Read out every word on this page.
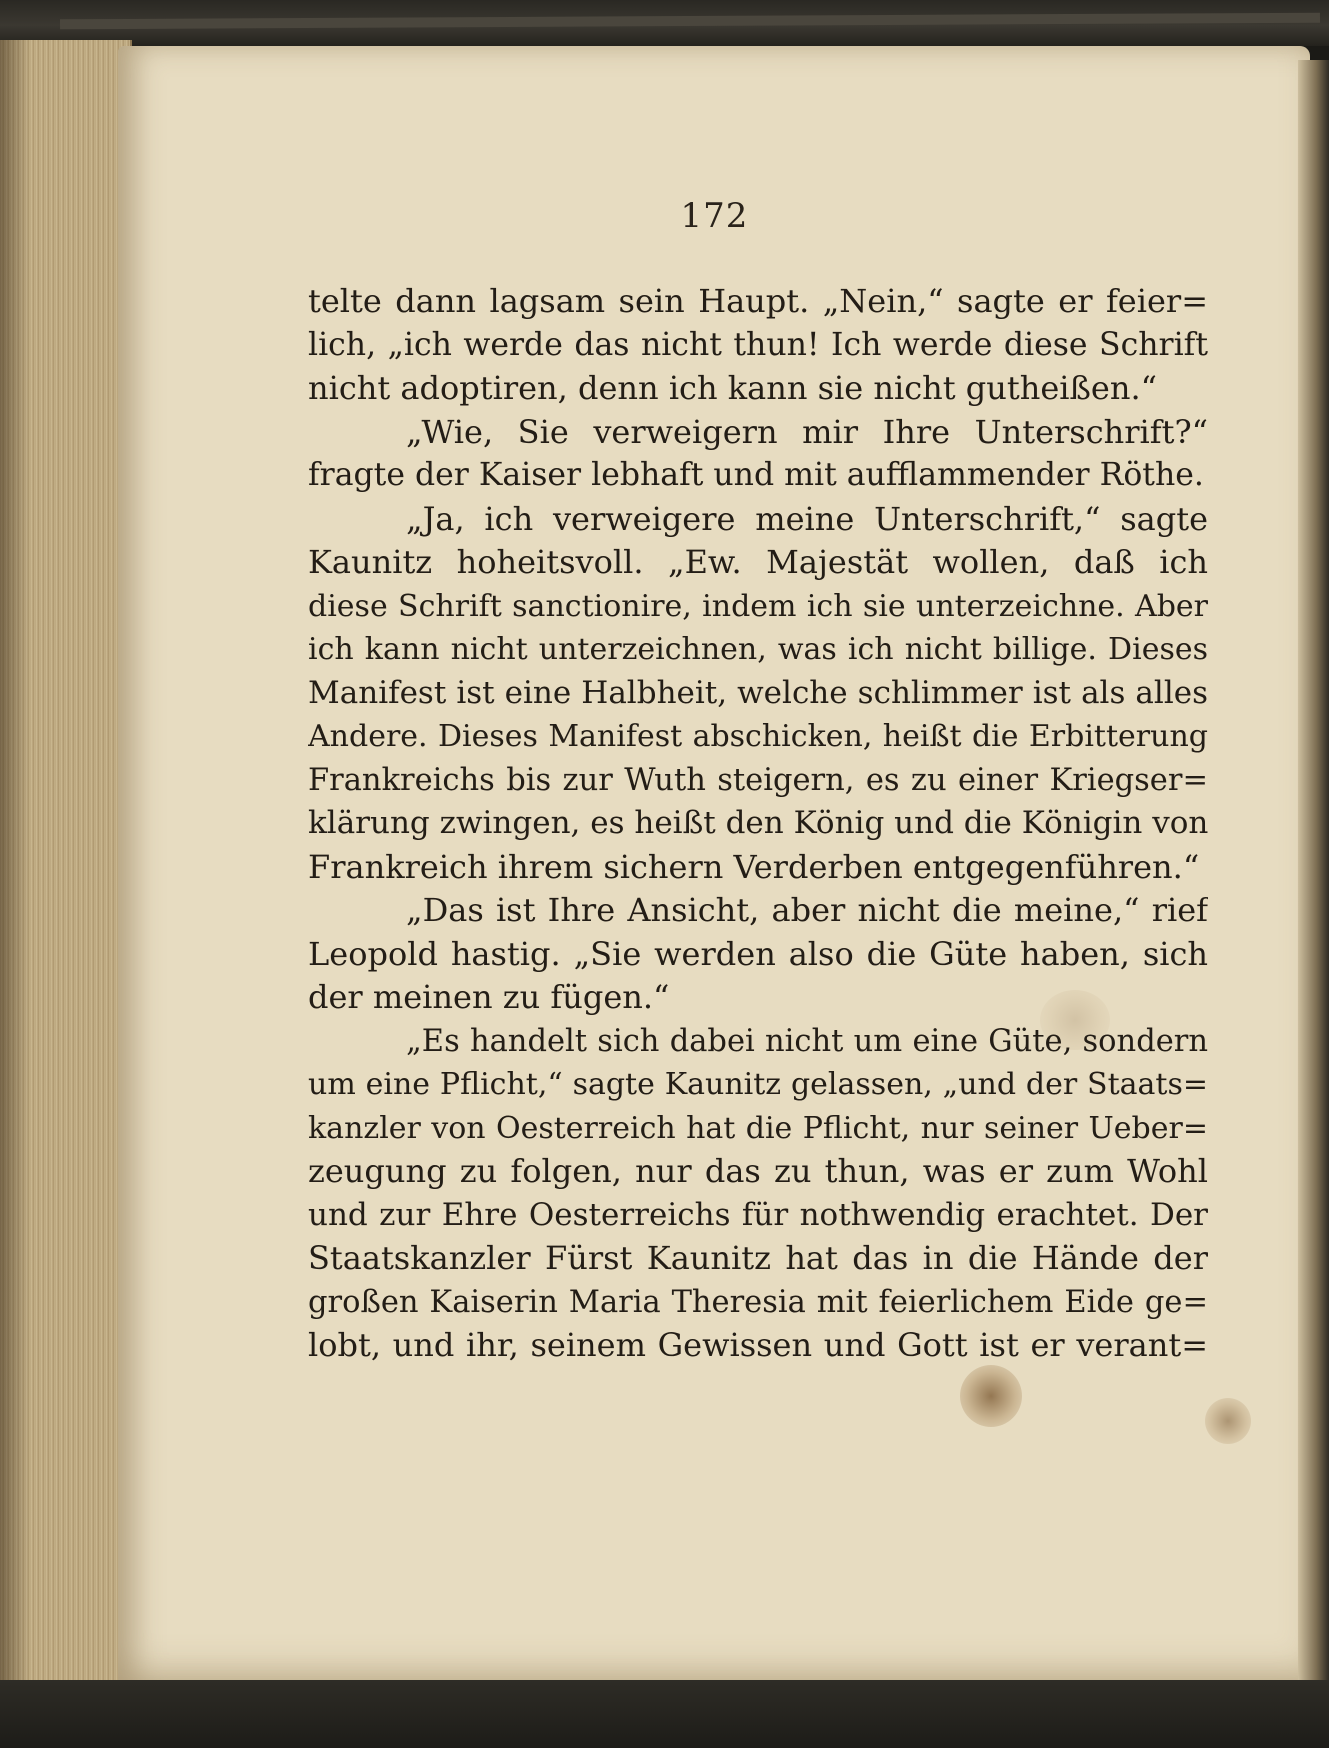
172
telte dann lagsam sein Haupt. „Nein,“ sagte er feier=
lich, „ich werde das nicht thun! Ich werde diese Schrift
nicht adoptiren, denn ich kann sie nicht gutheißen.“
„Wie, Sie verweigern mir Ihre Unterschrift?“
fragte der Kaiser lebhaft und mit aufflammender Röthe.
„Ja, ich verweigere meine Unterschrift,“ sagte
Kaunitz hoheitsvoll. „Ew. Majestät wollen, daß ich
diese Schrift sanctionire, indem ich sie unterzeichne. Aber
ich kann nicht unterzeichnen, was ich nicht billige. Dieses
Manifest ist eine Halbheit, welche schlimmer ist als alles
Andere. Dieses Manifest abschicken, heißt die Erbitterung
Frankreichs bis zur Wuth steigern, es zu einer Kriegser=
klärung zwingen, es heißt den König und die Königin von
Frankreich ihrem sichern Verderben entgegenführen.“
„Das ist Ihre Ansicht, aber nicht die meine,“ rief
Leopold hastig. „Sie werden also die Güte haben, sich
der meinen zu fügen.“
„Es handelt sich dabei nicht um eine Güte, sondern
um eine Pflicht,“ sagte Kaunitz gelassen, „und der Staats=
kanzler von Oesterreich hat die Pflicht, nur seiner Ueber=
zeugung zu folgen, nur das zu thun, was er zum Wohl
und zur Ehre Oesterreichs für nothwendig erachtet. Der
Staatskanzler Fürst Kaunitz hat das in die Hände der
großen Kaiserin Maria Theresia mit feierlichem Eide ge=
lobt, und ihr, seinem Gewissen und Gott ist er verant=
